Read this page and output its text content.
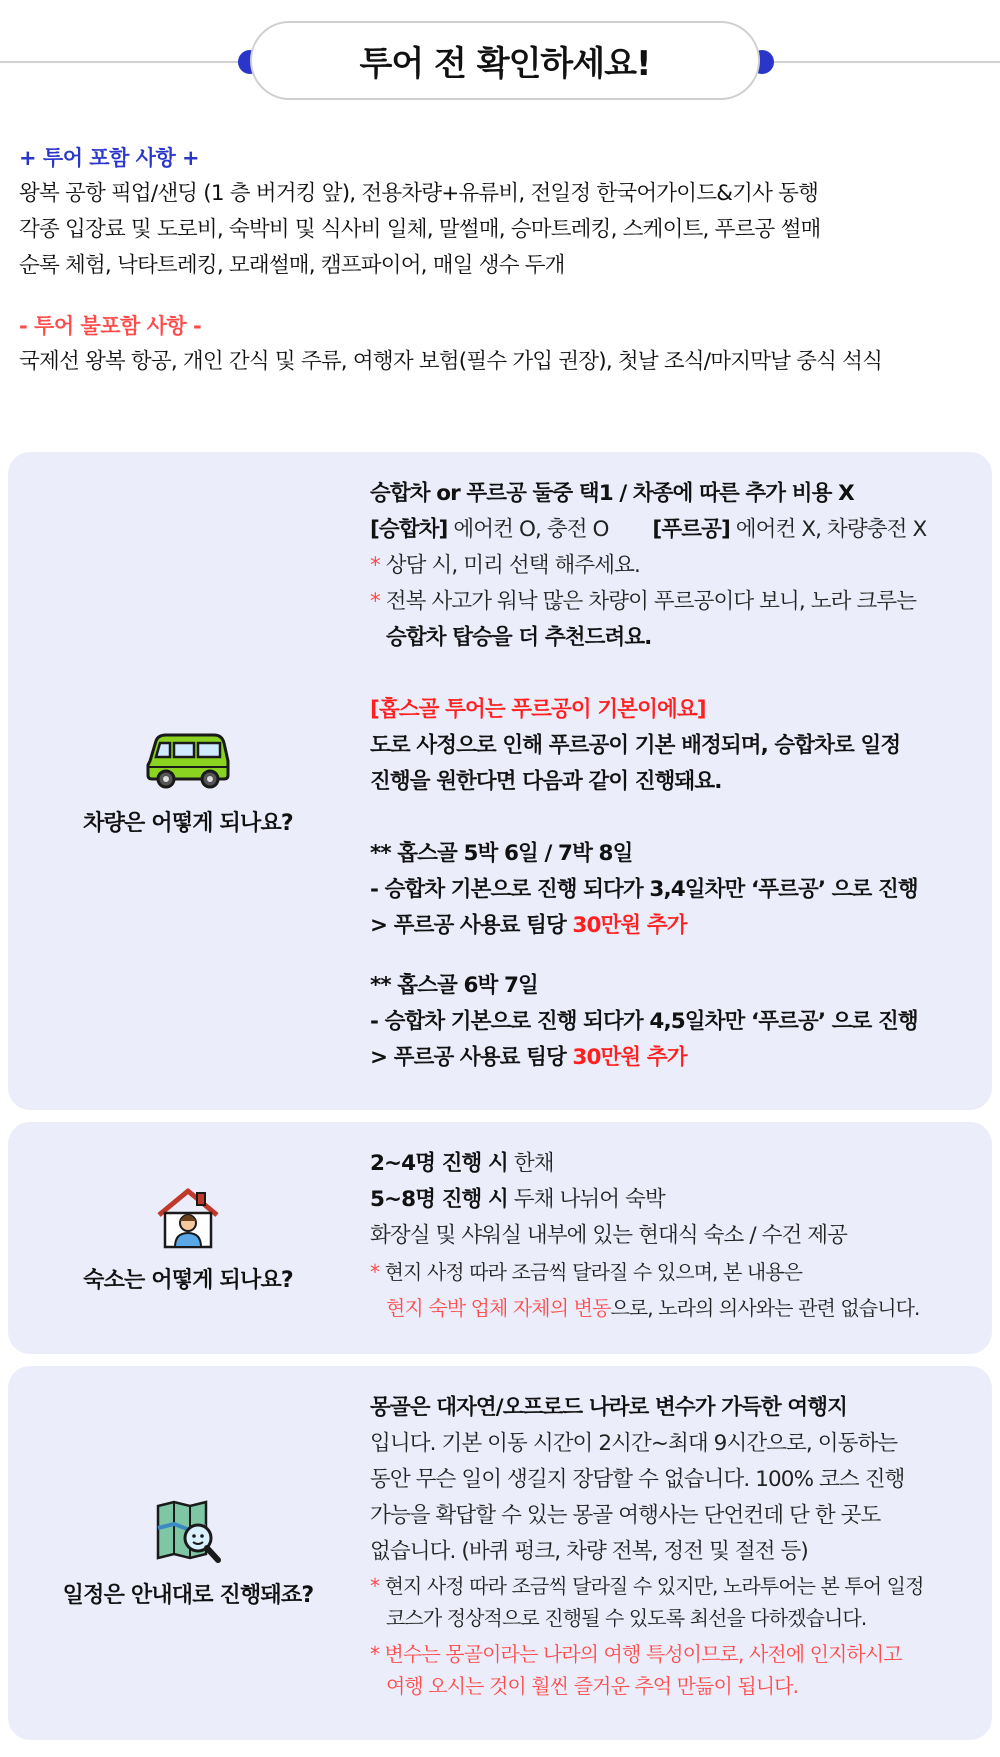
투어 전 확인하세요!
+ 투어 포함 사항 +
왕복 공항 픽업/샌딩 (1 층 버거킹 앞), 전용차량+유류비, 전일정 한국어가이드&기사 동행
각종 입장료 및 도로비, 숙박비 및 식사비 일체, 말썰매, 승마트레킹, 스케이트, 푸르공 썰매
순록 체험, 낙타트레킹, 모래썰매, 캠프파이어, 매일 생수 두개
- 투어 불포함 사항 -
국제선 왕복 항공, 개인 간식 및 주류, 여행자 보험(필수 가입 권장), 첫날 조식/마지막날 중식 석식
차량은 어떻게 되나요?
승합차 or 푸르공 둘중 택1 / 차종에 따른 추가 비용 X
[승합차] 에어컨 O, 충전 O [푸르공] 에어컨 X, 차량충전 X
* 상담 시, 미리 선택 해주세요.
* 전복 사고가 워낙 많은 차량이 푸르공이다 보니, 노라 크루는
승합차 탑승을 더 추천드려요.
[홉스골 투어는 푸르공이 기본이에요]
도로 사정으로 인해 푸르공이 기본 배정되며, 승합차로 일정
진행을 원한다면 다음과 같이 진행돼요.
** 홉스골 5박 6일 / 7박 8일
- 승합차 기본으로 진행 되다가 3,4일차만 ‘푸르공’ 으로 진행
> 푸르공 사용료 팀당 30만원 추가
** 홉스골 6박 7일
- 승합차 기본으로 진행 되다가 4,5일차만 ‘푸르공’ 으로 진행
> 푸르공 사용료 팀당 30만원 추가
숙소는 어떻게 되나요?
2~4명 진행 시 한채
5~8명 진행 시 두채 나뉘어 숙박
화장실 및 샤워실 내부에 있는 현대식 숙소 / 수건 제공
* 현지 사정 따라 조금씩 달라질 수 있으며, 본 내용은
현지 숙박 업체 자체의 변동으로, 노라의 의사와는 관련 없습니다.
일정은 안내대로 진행돼죠?
몽골은 대자연/오프로드 나라로 변수가 가득한 여행지
입니다. 기본 이동 시간이 2시간~최대 9시간으로, 이동하는
동안 무슨 일이 생길지 장담할 수 없습니다. 100% 코스 진행
가능을 확답할 수 있는 몽골 여행사는 단언컨데 단 한 곳도
없습니다. (바퀴 펑크, 차량 전복, 정전 및 절전 등)
* 현지 사정 따라 조금씩 달라질 수 있지만, 노라투어는 본 투어 일정
코스가 정상적으로 진행될 수 있도록 최선을 다하겠습니다.
* 변수는 몽골이라는 나라의 여행 특성이므로, 사전에 인지하시고
여행 오시는 것이 훨씬 즐거운 추억 만듦이 됩니다.
